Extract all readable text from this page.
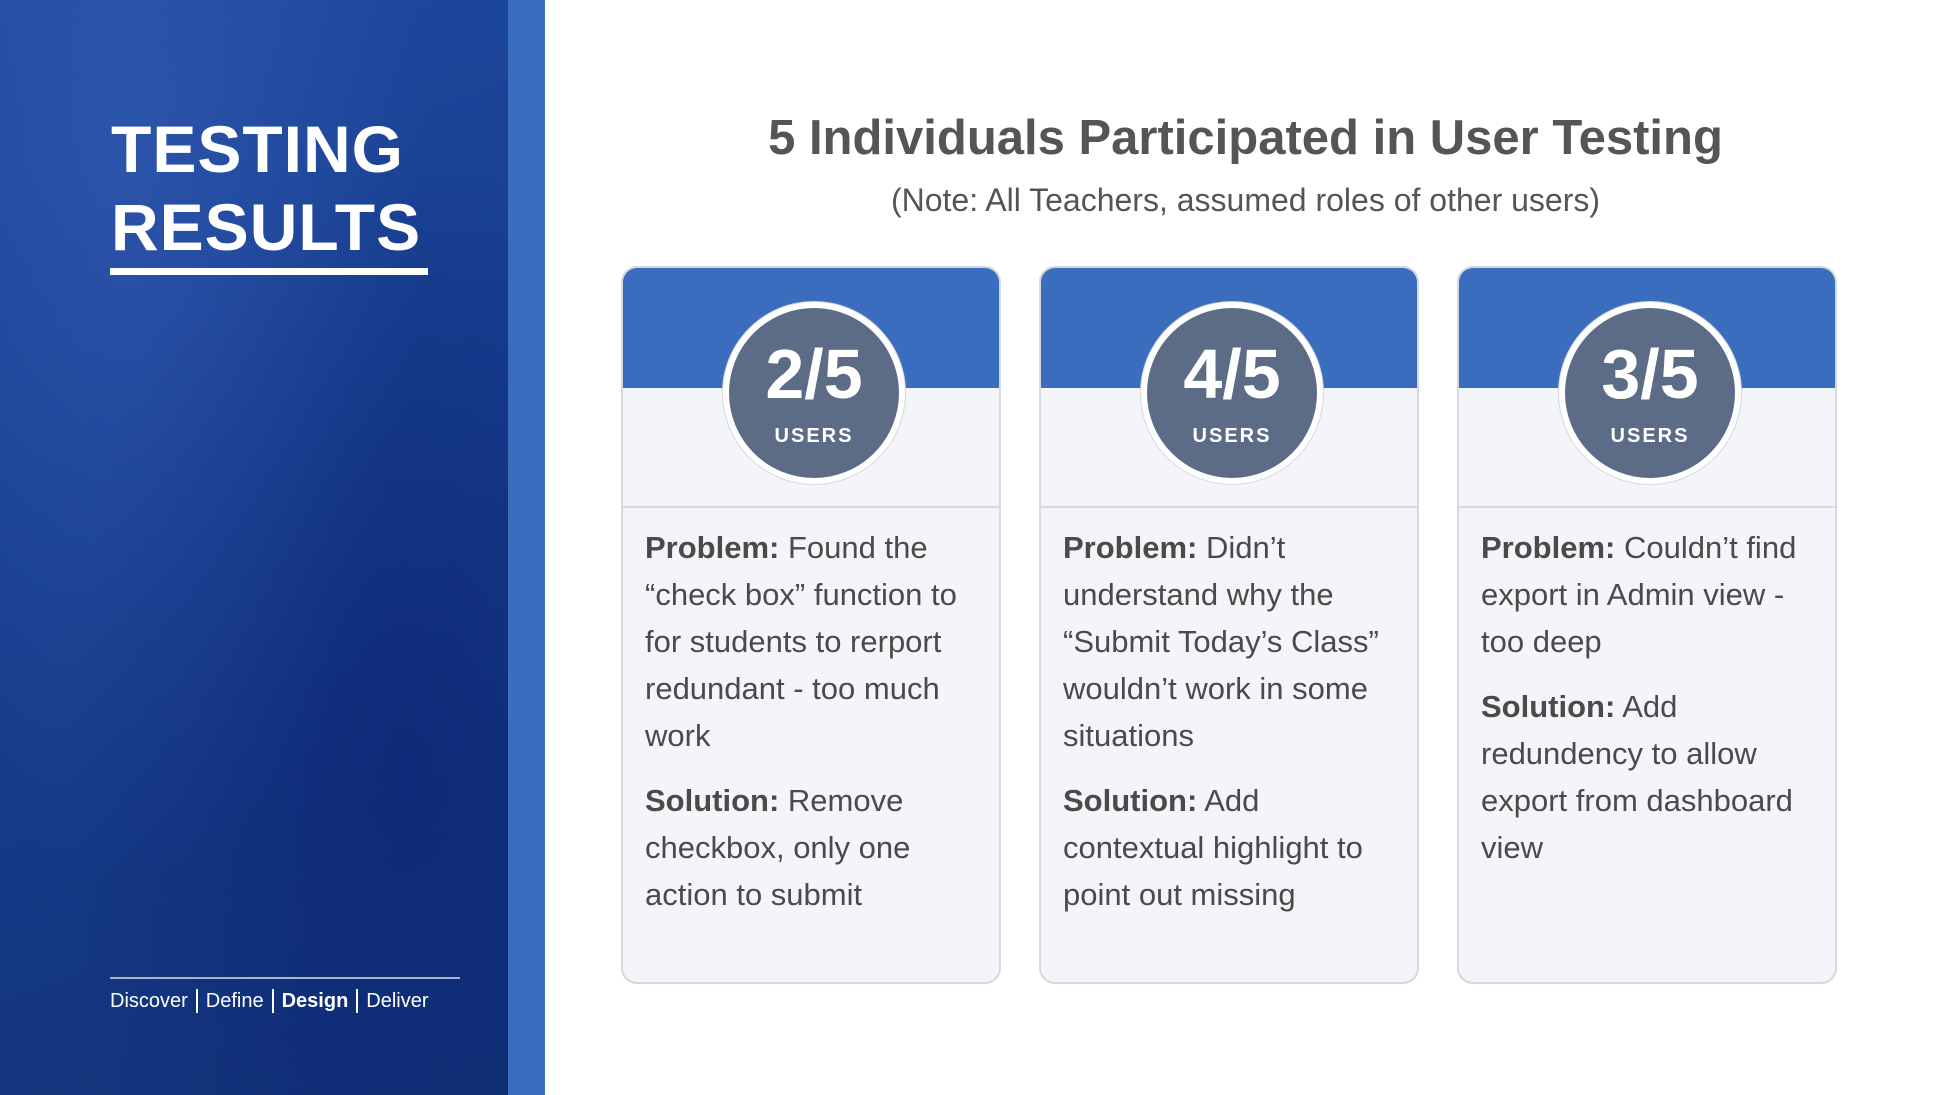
TESTING
RESULTS
Discover Define Design Deliver
5 Individuals Participated in User Testing
(Note: All Teachers, assumed roles of other users)
2/5
USERS

Problem: Found the “check box” function to for students to rerport redundant - too much work

Solution: Remove checkbox, only one action to submit

4/5
USERS

Problem: Didn’t understand why the “Submit Today’s Class” wouldn’t work in some situations

Solution: Add contextual highlight to point out missing

3/5
USERS

Problem: Couldn’t find export in Admin view - too deep

Solution: Add redundency to allow export from dashboard view
